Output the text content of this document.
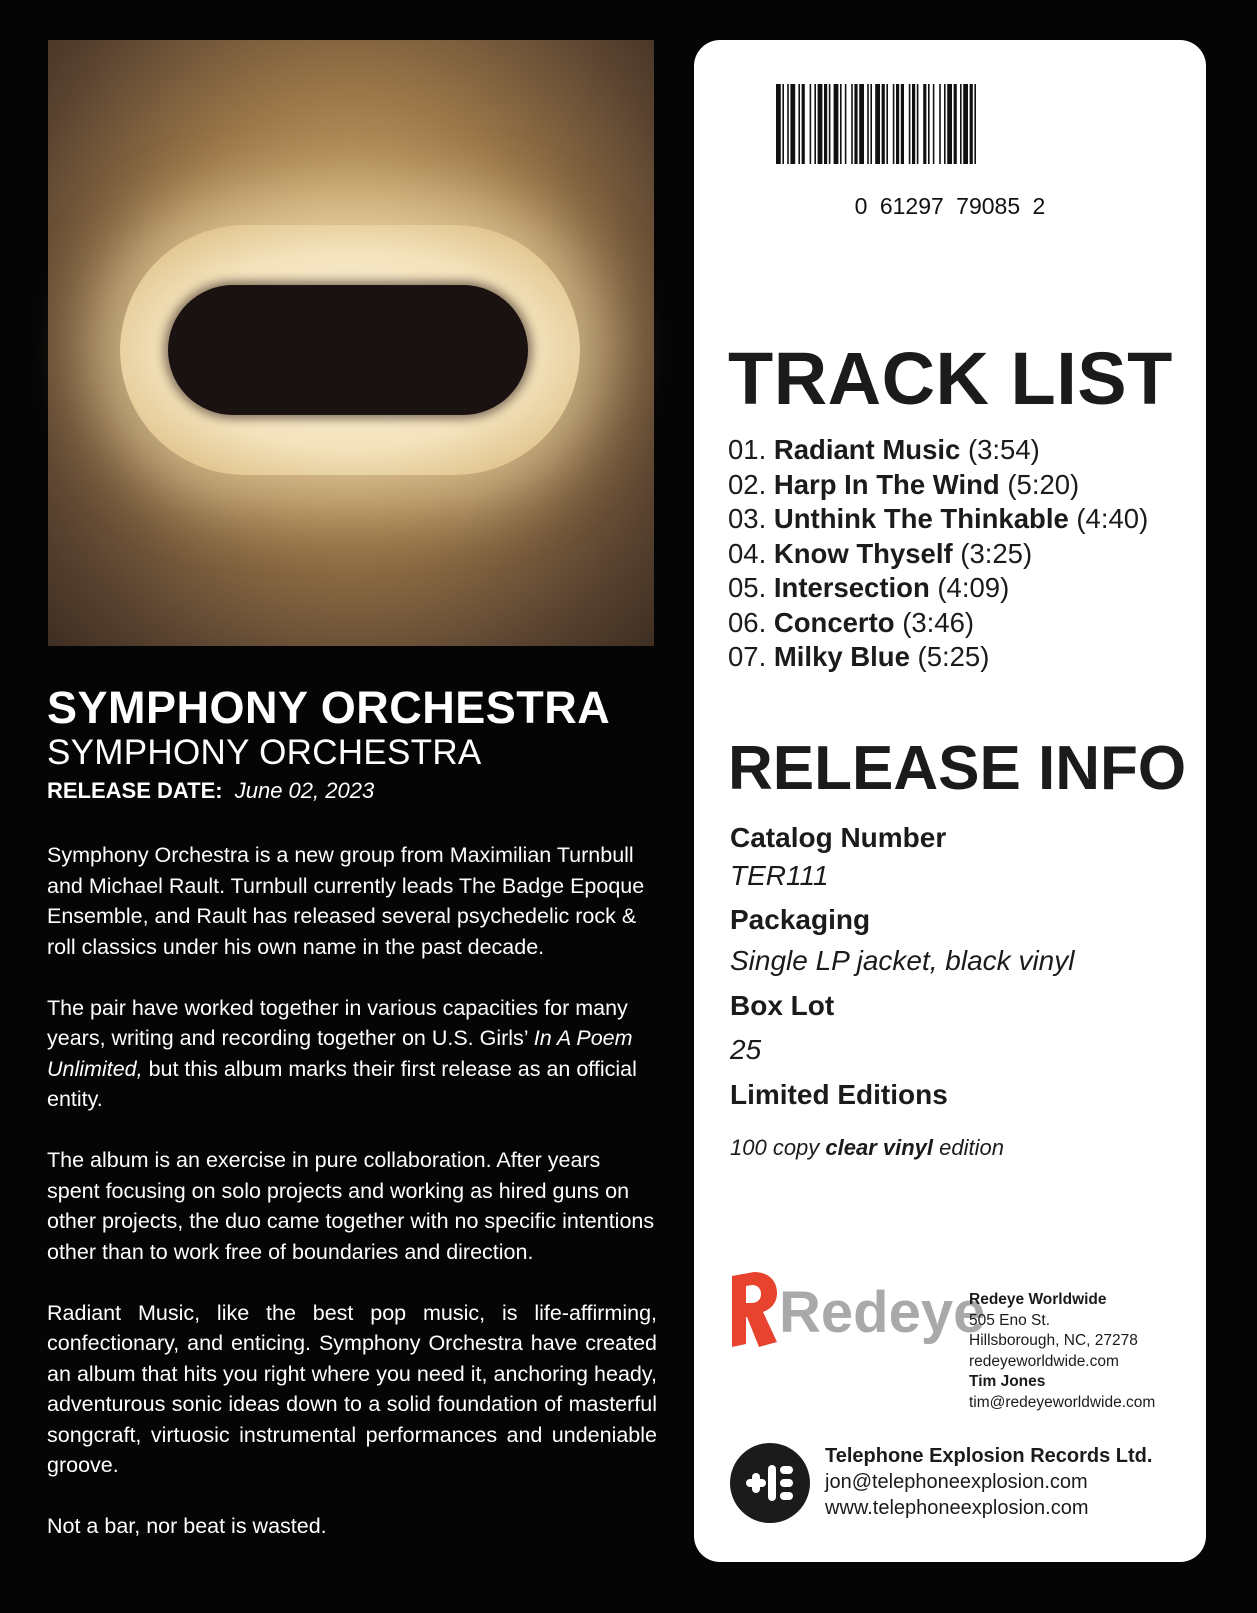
SYMPHONY ORCHESTRA
SYMPHONY ORCHESTRA
RELEASE DATE: June 02, 2023

Symphony Orchestra is a new group from Maximilian Turnbull and Michael Rault. Turnbull currently leads The Badge Epoque Ensemble, and Rault has released several psychedelic rock & roll classics under his own name in the past decade.

The pair have worked together in various capacities for many years, writing and recording together on U.S. Girls’ In A Poem Unlimited, but this album marks their first release as an official entity.

The album is an exercise in pure collaboration. After years spent focusing on solo projects and working as hired guns on other projects, the duo came together with no specific intentions other than to work free of boundaries and direction.

Radiant Music, like the best pop music, is life-affirming, confectionary, and enticing. Symphony Orchestra have created an album that hits you right where you need it, anchoring heady, adventurous sonic ideas down to a solid foundation of masterful songcraft, virtuosic instrumental performances and undeniable groove.

Not a bar, nor beat is wasted.

0 61297 79085 2
TRACK LIST
01. Radiant Music (3:54)
02. Harp In The Wind (5:20)
03. Unthink The Thinkable (4:40)
04. Know Thyself (3:25)
05. Intersection (4:09)
06. Concerto (3:46)
07. Milky Blue (5:25)
RELEASE INFO
Catalog Number
TER111
Packaging
Single LP jacket, black vinyl
Box Lot
25
Limited Editions
100 copy clear vinyl edition
Redeye
Redeye Worldwide
505 Eno St.
Hillsborough, NC, 27278
redeyeworldwide.com
Tim Jones
tim@redeyeworldwide.com
Telephone Explosion Records Ltd.
jon@telephoneexplosion.com
www.telephoneexplosion.com
